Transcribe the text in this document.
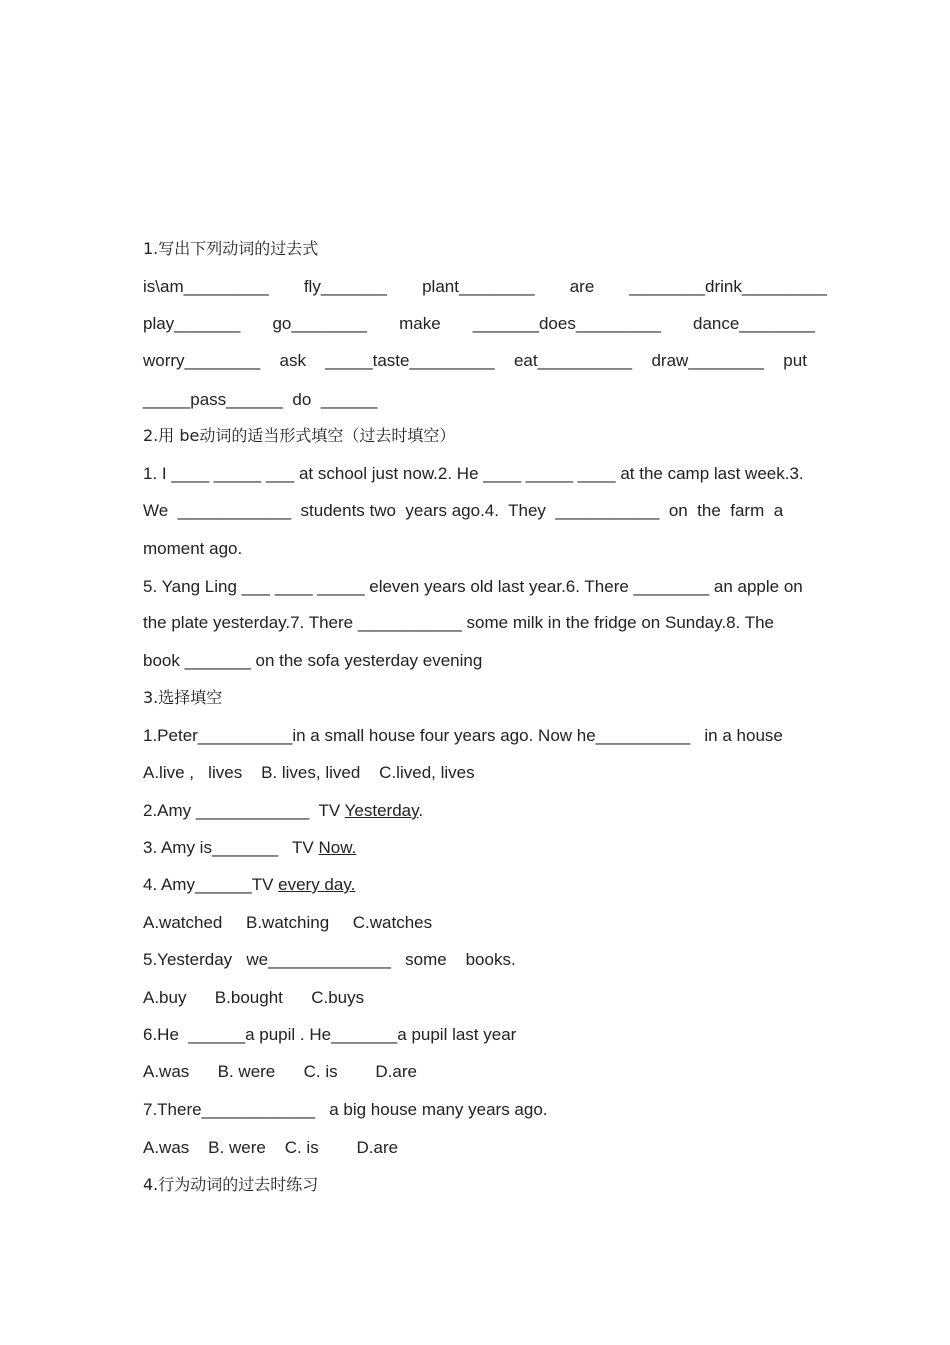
1.写出下列动词的过去式
is\am_________ fly_______ plant________ are ________drink_________
play_______ go________ make _______does_________ dance________
worry________ ask _____taste_________ eat__________ draw________ put
_____pass______ do ______
2.用 be动词的适当形式填空（过去时填空）
1. I ____ _____ ___ at school just now.2. He ____ _____ ____ at the camp last week.3.
We  ____________  students two  years ago.4.  They  ___________  on  the  farm  a
moment ago.
5. Yang Ling ___ ____ _____ eleven years old last year.6. There ________ an apple on
the plate yesterday.7. There ___________ some milk in the fridge on Sunday.8. The
book _______ on the sofa yesterday evening
3.选择填空
1.Peter__________in a small house four years ago. Now he__________   in a house
A.live ,   lives    B. lives, lived    C.lived, lives
2.Amy ____________  TV Yesterday.
3. Amy is_______   TV Now.
4. Amy______TV every day.
A.watched     B.watching     C.watches
5.Yesterday   we_____________   some    books.
A.buy      B.bought      C.buys
6.He  ______a pupil . He_______a pupil last year
A.was      B. were      C. is        D.are
7.There____________   a big house many years ago.
A.was    B. were    C. is        D.are
4.行为动词的过去时练习
